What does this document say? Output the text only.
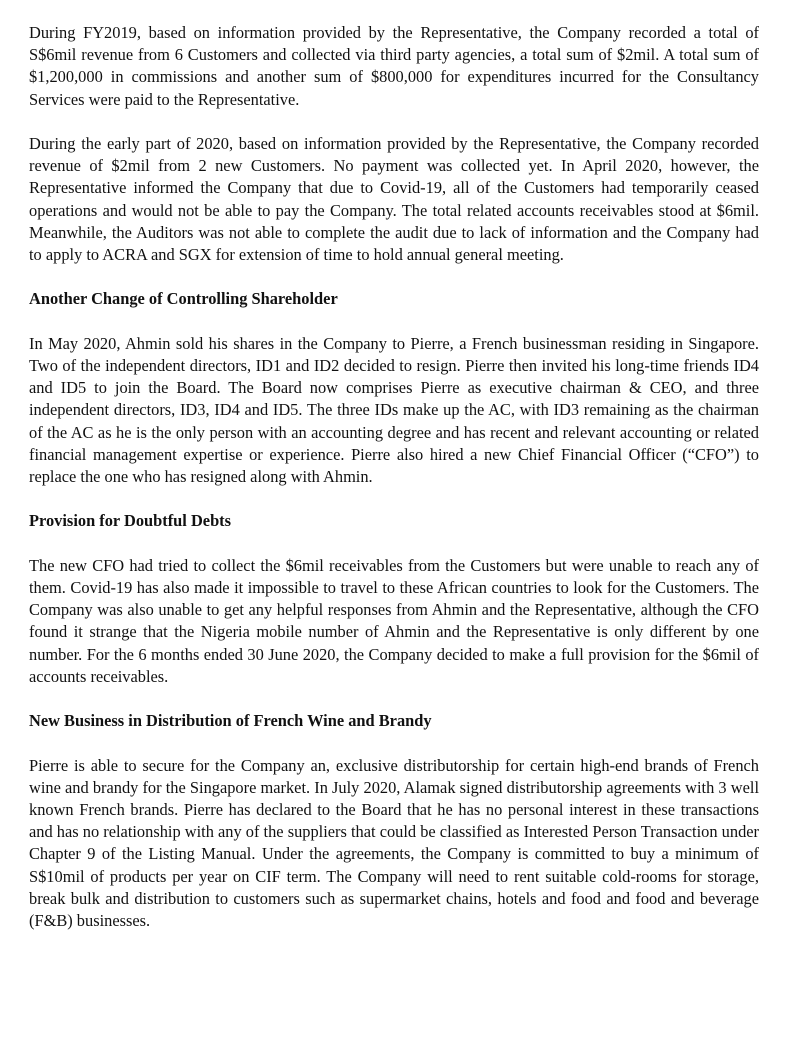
During FY2019, based on information provided by the Representative, the Company recorded a total of S$6mil revenue from 6 Customers and collected via third party agencies, a total sum of $2mil. A total sum of $1,200,000 in commissions and another sum of $800,000 for expenditures incurred for the Consultancy Services were paid to the Representative.

During the early part of 2020, based on information provided by the Representative, the Company recorded revenue of $2mil from 2 new Customers. No payment was collected yet. In April 2020, however, the Representative informed the Company that due to Covid-19, all of the Customers had temporarily ceased operations and would not be able to pay the Company. The total related accounts receivables stood at $6mil. Meanwhile, the Auditors was not able to complete the audit due to lack of information and the Company had to apply to ACRA and SGX for extension of time to hold annual general meeting.

Another Change of Controlling Shareholder

In May 2020, Ahmin sold his shares in the Company to Pierre, a French businessman residing in Singapore. Two of the independent directors, ID1 and ID2 decided to resign. Pierre then invited his long-time friends ID4 and ID5 to join the Board. The Board now comprises Pierre as executive chairman & CEO, and three independent directors, ID3, ID4 and ID5. The three IDs make up the AC, with ID3 remaining as the chairman of the AC as he is the only person with an accounting degree and has recent and relevant accounting or related financial management expertise or experience. Pierre also hired a new Chief Financial Officer (“CFO”) to replace the one who has resigned along with Ahmin.

Provision for Doubtful Debts

The new CFO had tried to collect the $6mil receivables from the Customers but were unable to reach any of them. Covid-19 has also made it impossible to travel to these African countries to look for the Customers. The Company was also unable to get any helpful responses from Ahmin and the Representative, although the CFO found it strange that the Nigeria mobile number of Ahmin and the Representative is only different by one number. For the 6 months ended 30 June 2020, the Company decided to make a full provision for the $6mil of accounts receivables.

New Business in Distribution of French Wine and Brandy

Pierre is able to secure for the Company an, exclusive distributorship for certain high-end brands of French wine and brandy for the Singapore market. In July 2020, Alamak signed distributorship agreements with 3 well known French brands. Pierre has declared to the Board that he has no personal interest in these transactions and has no relationship with any of the suppliers that could be classified as Interested Person Transaction under Chapter 9 of the Listing Manual. Under the agreements, the Company is committed to buy a minimum of S$10mil of products per year on CIF term. The Company will need to rent suitable cold-rooms for storage, break bulk and distribution to customers such as supermarket chains, hotels and food and food and beverage (F&B) businesses.
